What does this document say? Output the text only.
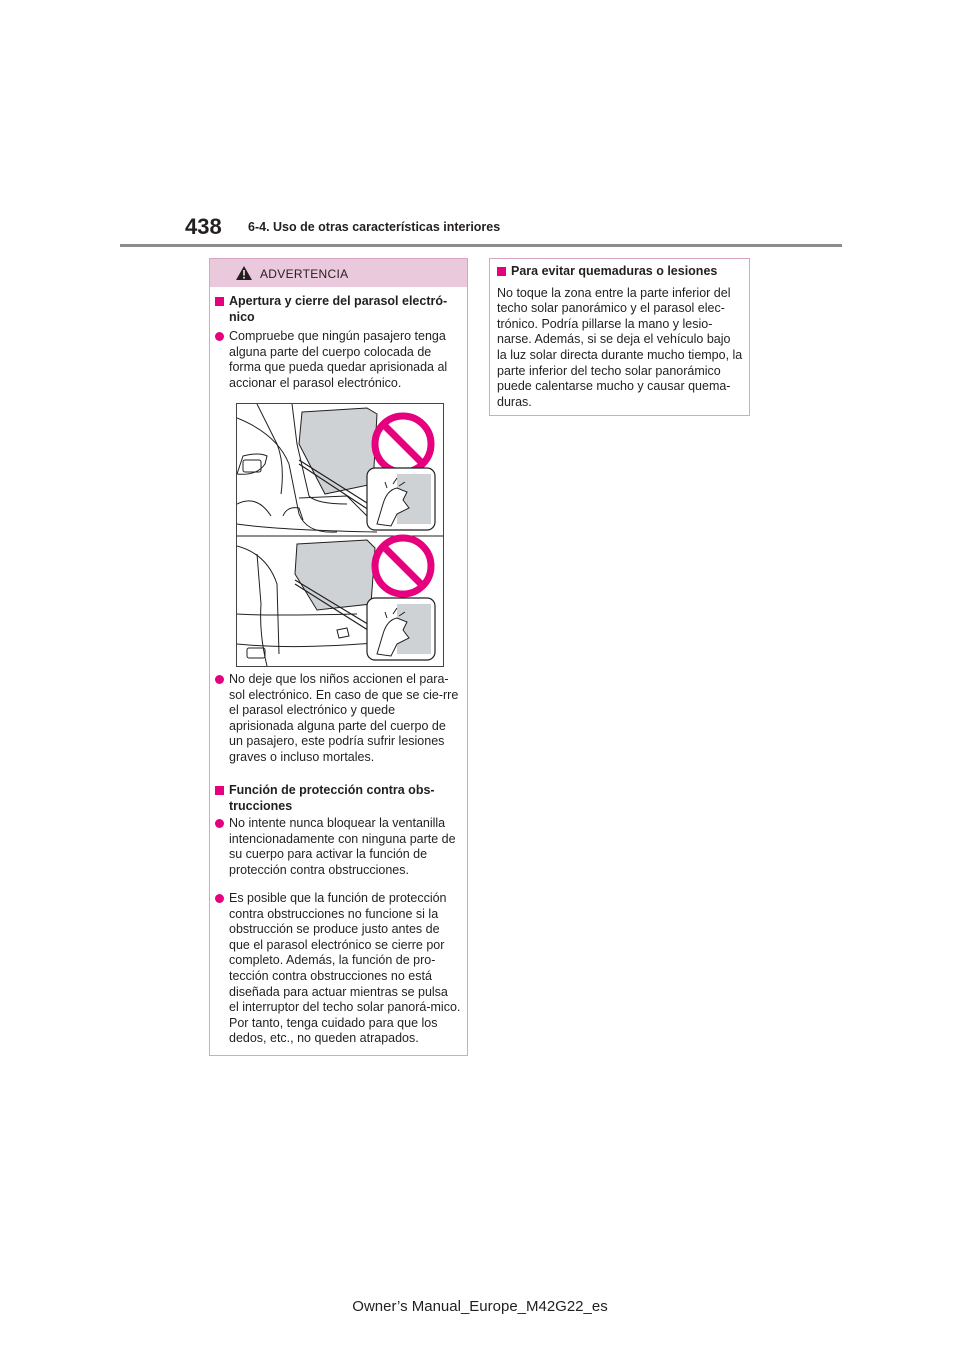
438 6-4. Uso de otras características interiores
ADVERTENCIA
Apertura y cierre del parasol electró-nico
Compruebe que ningún pasajero tenga alguna parte del cuerpo colocada de forma que pueda quedar aprisionada al accionar el parasol electrónico.
No deje que los niños accionen el para-sol electrónico. En caso de que se cie-rre el parasol electrónico y quede aprisionada alguna parte del cuerpo de un pasajero, este podría sufrir lesiones graves o incluso mortales.
Función de protección contra obs-trucciones
No intente nunca bloquear la ventanilla intencionadamente con ninguna parte de su cuerpo para activar la función de protección contra obstrucciones.
Es posible que la función de protección contra obstrucciones no funcione si la obstrucción se produce justo antes de que el parasol electrónico se cierre por completo. Además, la función de pro-tección contra obstrucciones no está diseñada para actuar mientras se pulsa el interruptor del techo solar panorá-mico. Por tanto, tenga cuidado para que los dedos, etc., no queden atrapados.
Para evitar quemaduras o lesiones
No toque la zona entre la parte inferior del techo solar panorámico y el parasol elec-trónico. Podría pillarse la mano y lesio-narse. Además, si se deja el vehículo bajo la luz solar directa durante mucho tiempo, la parte inferior del techo solar panorámico puede calentarse mucho y causar quema-duras.
Owner’s Manual_Europe_M42G22_es
